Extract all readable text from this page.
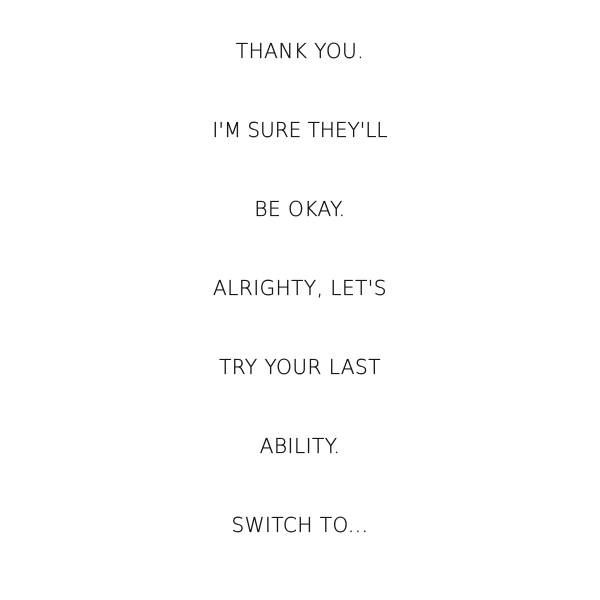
THANK YOU.
I'M SURE THEY'LL
BE OKAY.
ALRIGHTY, LET'S
TRY YOUR LAST
ABILITY.
SWITCH TO...
